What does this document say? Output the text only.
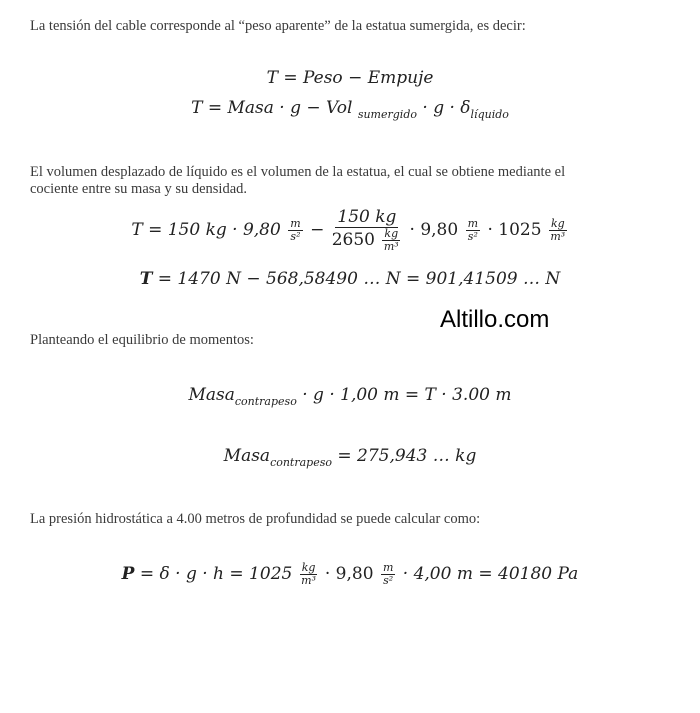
La tensión del cable corresponde al “peso aparente” de la estatua sumergida, es decir:
T = Peso − Empuje
T = Masa · g − Vol $_{sumergido} \cdot g \cdot \delta_{líquido}$
El volumen desplazado de líquido es el volumen de la estatua, el cual se obtiene mediante el
cociente entre su masa y su densidad.
T = 150 kg · $9,80 \frac{m}{\text{s²}} - \frac{150 kg}{2650 \frac{kg}{\text{m³}}} \cdot 9,80 \frac{m}{\text{s²}} \cdot 1025 \frac{kg}{\text{m³}}$
T = 1470 N − 568,58490 … N = 901,41509 … N
Altillo.com
Planteando el equilibrio de momentos:
Masa$_{contrapeso}$ · g · 1,00 m = T · 3.00 m
Masa$_{contrapeso}$ = 275,943 … kg
La presión hidrostática a 4.00 metros de profundidad se puede calcular como:
$P = \delta \cdot g \cdot h = 1025 \frac{kg}{\text{m³}} \cdot 9,80 \frac{m}{\text{s²}} \cdot 4,00$ m = 40180 Pa
